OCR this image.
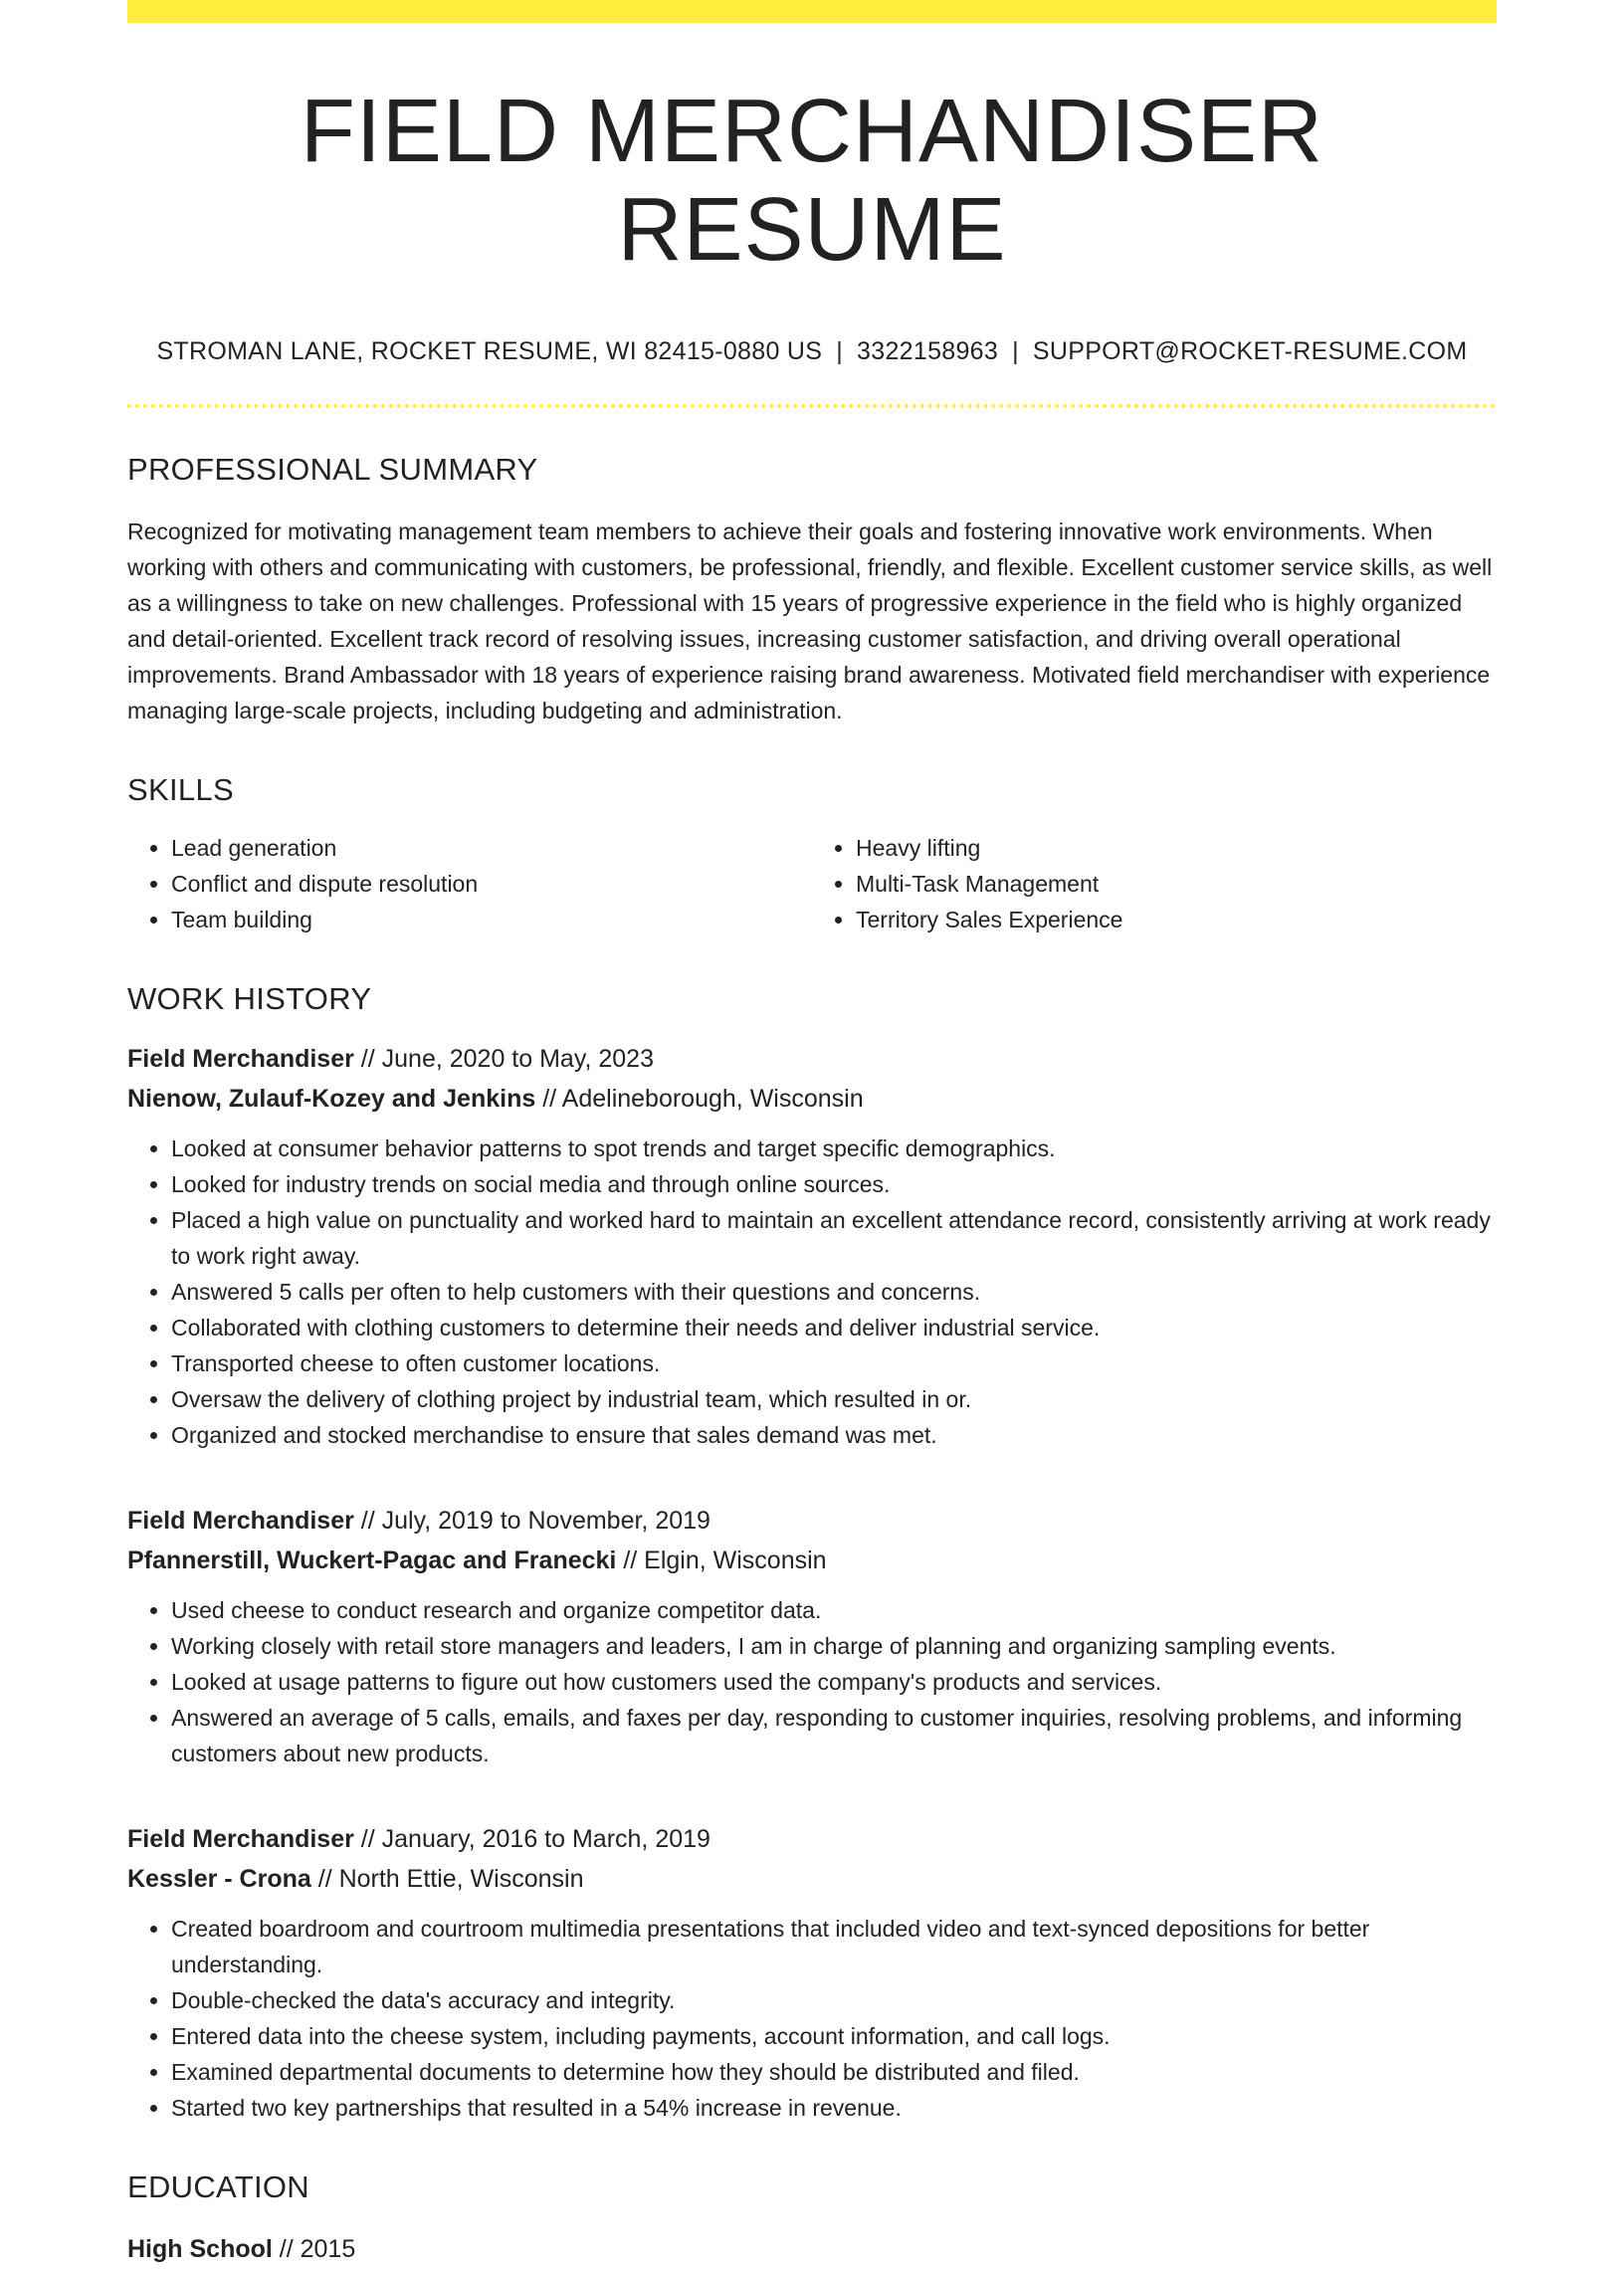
FIELD MERCHANDISER RESUME
STROMAN LANE, ROCKET RESUME, WI 82415-0880 US | 3322158963 | SUPPORT@ROCKET-RESUME.COM
PROFESSIONAL SUMMARY

Recognized for motivating management team members to achieve their goals and fostering innovative work environments. When working with others and communicating with customers, be professional, friendly, and flexible. Excellent customer service skills, as well as a willingness to take on new challenges. Professional with 15 years of progressive experience in the field who is highly organized and detail-oriented. Excellent track record of resolving issues, increasing customer satisfaction, and driving overall operational improvements. Brand Ambassador with 18 years of experience raising brand awareness. Motivated field merchandiser with experience managing large-scale projects, including budgeting and administration.

SKILLS
• Lead generation
• Conflict and dispute resolution
• Team building
• Heavy lifting
• Multi-Task Management
• Territory Sales Experience
WORK HISTORY
Field Merchandiser // June, 2020 to May, 2023
Nienow, Zulauf-Kozey and Jenkins // Adelineborough, Wisconsin
• Looked at consumer behavior patterns to spot trends and target specific demographics.
• Looked for industry trends on social media and through online sources.
• Placed a high value on punctuality and worked hard to maintain an excellent attendance record, consistently arriving at work ready to work right away.
• Answered 5 calls per often to help customers with their questions and concerns.
• Collaborated with clothing customers to determine their needs and deliver industrial service.
• Transported cheese to often customer locations.
• Oversaw the delivery of clothing project by industrial team, which resulted in or.
• Organized and stocked merchandise to ensure that sales demand was met.
Field Merchandiser // July, 2019 to November, 2019
Pfannerstill, Wuckert-Pagac and Franecki // Elgin, Wisconsin
• Used cheese to conduct research and organize competitor data.
• Working closely with retail store managers and leaders, I am in charge of planning and organizing sampling events.
• Looked at usage patterns to figure out how customers used the company's products and services.
• Answered an average of 5 calls, emails, and faxes per day, responding to customer inquiries, resolving problems, and informing customers about new products.
Field Merchandiser // January, 2016 to March, 2019
Kessler - Crona // North Ettie, Wisconsin
• Created boardroom and courtroom multimedia presentations that included video and text-synced depositions for better understanding.
• Double-checked the data's accuracy and integrity.
• Entered data into the cheese system, including payments, account information, and call logs.
• Examined departmental documents to determine how they should be distributed and filed.
• Started two key partnerships that resulted in a 54% increase in revenue.
EDUCATION
High School // 2015
